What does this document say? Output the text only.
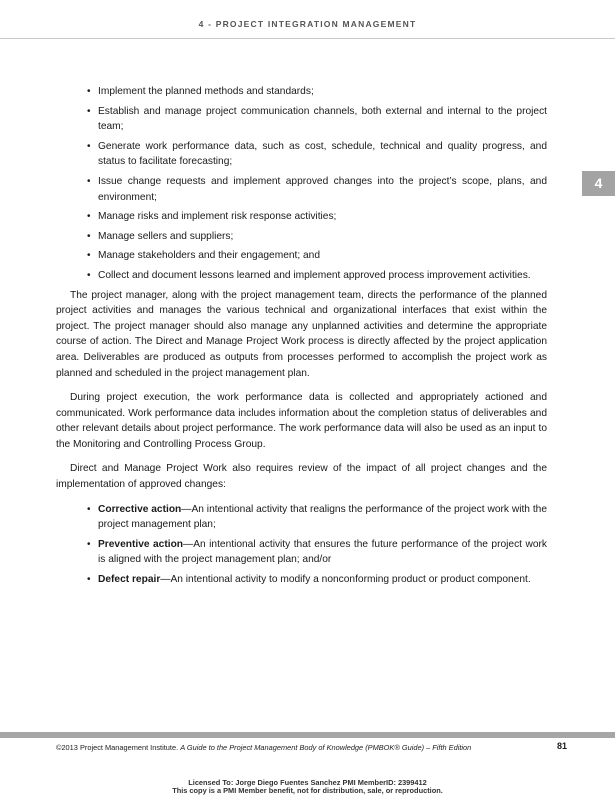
4 - PROJECT INTEGRATION MANAGEMENT
4
• Implement the planned methods and standards;
• Establish and manage project communication channels, both external and internal to the project team;
• Generate work performance data, such as cost, schedule, technical and quality progress, and status to facilitate forecasting;
• Issue change requests and implement approved changes into the project’s scope, plans, and environment;
• Manage risks and implement risk response activities;
• Manage sellers and suppliers;
• Manage stakeholders and their engagement; and
• Collect and document lessons learned and implement approved process improvement activities.

The project manager, along with the project management team, directs the performance of the planned project activities and manages the various technical and organizational interfaces that exist within the project. The project manager should also manage any unplanned activities and determine the appropriate course of action. The Direct and Manage Project Work process is directly affected by the project application area. Deliverables are produced as outputs from processes performed to accomplish the project work as planned and scheduled in the project management plan.

During project execution, the work performance data is collected and appropriately actioned and communicated. Work performance data includes information about the completion status of deliverables and other relevant details about project performance. The work performance data will also be used as an input to the Monitoring and Controlling Process Group.

Direct and Manage Project Work also requires review of the impact of all project changes and the implementation of approved changes:

• Corrective action—An intentional activity that realigns the performance of the project work with the project management plan;
• Preventive action—An intentional activity that ensures the future performance of the project work is aligned with the project management plan; and/or
• Defect repair—An intentional activity to modify a nonconforming product or product component.
©2013 Project Management Institute. A Guide to the Project Management Body of Knowledge (PMBOK® Guide) – Fifth Edition	81
Licensed To: Jorge Diego Fuentes Sanchez PMI MemberID: 2399412
This copy is a PMI Member benefit, not for distribution, sale, or reproduction.
